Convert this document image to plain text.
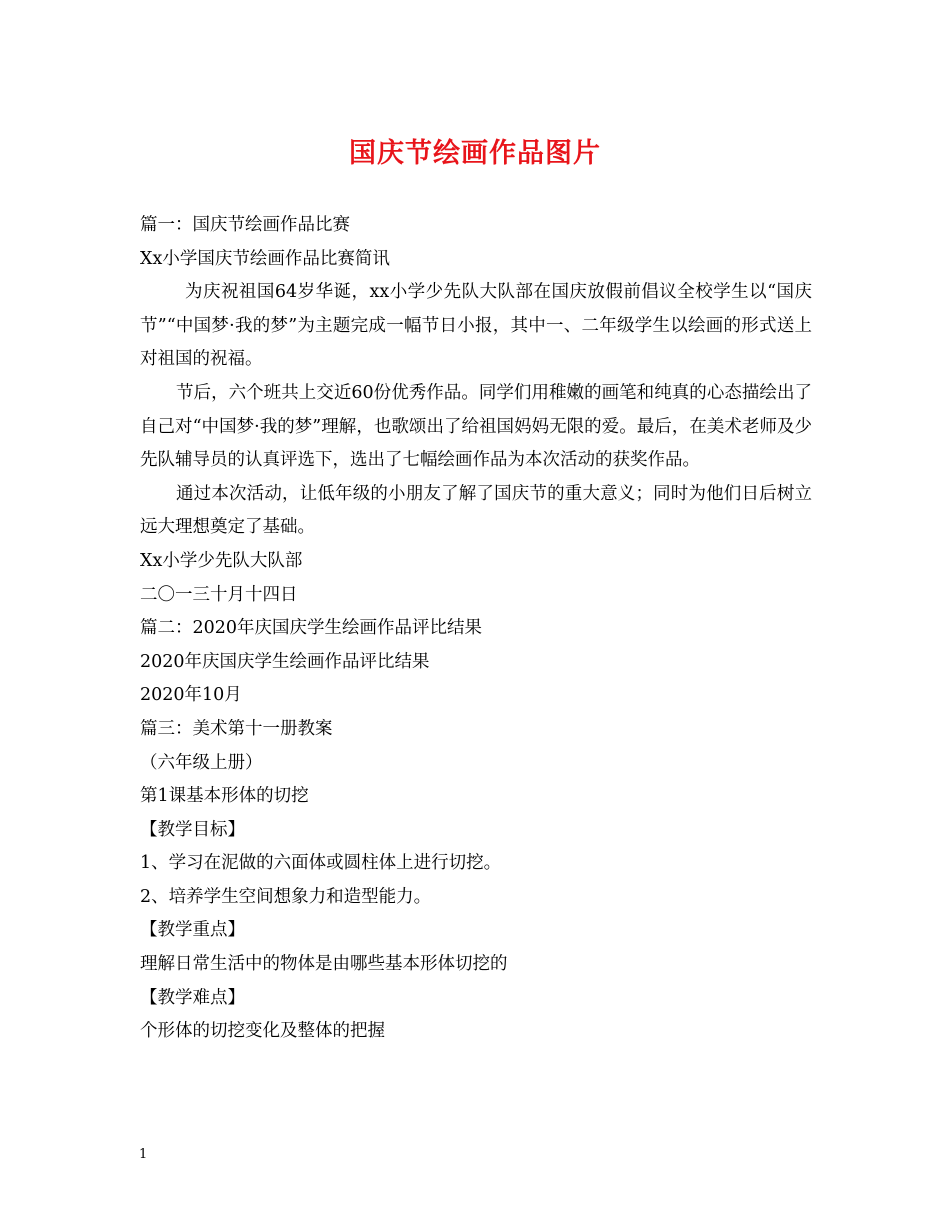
国庆节绘画作品图片

篇一：国庆节绘画作品比赛

Xx小学国庆节绘画作品比赛简讯

为庆祝祖国64岁华诞，xx小学少先队大队部在国庆放假前倡议全校学生以“国庆节”“中国梦·我的梦”为主题完成一幅节日小报，其中一、二年级学生以绘画的形式送上对祖国的祝福。

节后，六个班共上交近60份优秀作品。同学们用稚嫩的画笔和纯真的心态描绘出了自己对“中国梦·我的梦”理解，也歌颂出了给祖国妈妈无限的爱。最后，在美术老师及少先队辅导员的认真评选下，选出了七幅绘画作品为本次活动的获奖作品。

通过本次活动，让低年级的小朋友了解了国庆节的重大意义；同时为他们日后树立远大理想奠定了基础。

Xx小学少先队大队部

二〇一三十月十四日

篇二：2020年庆国庆学生绘画作品评比结果

2020年庆国庆学生绘画作品评比结果

2020年10月

篇三：美术第十一册教案

（六年级上册）

第1课基本形体的切挖

【教学目标】

1、学习在泥做的六面体或圆柱体上进行切挖。

2、培养学生空间想象力和造型能力。

【教学重点】

理解日常生活中的物体是由哪些基本形体切挖的

【教学难点】

个形体的切挖变化及整体的把握

1
